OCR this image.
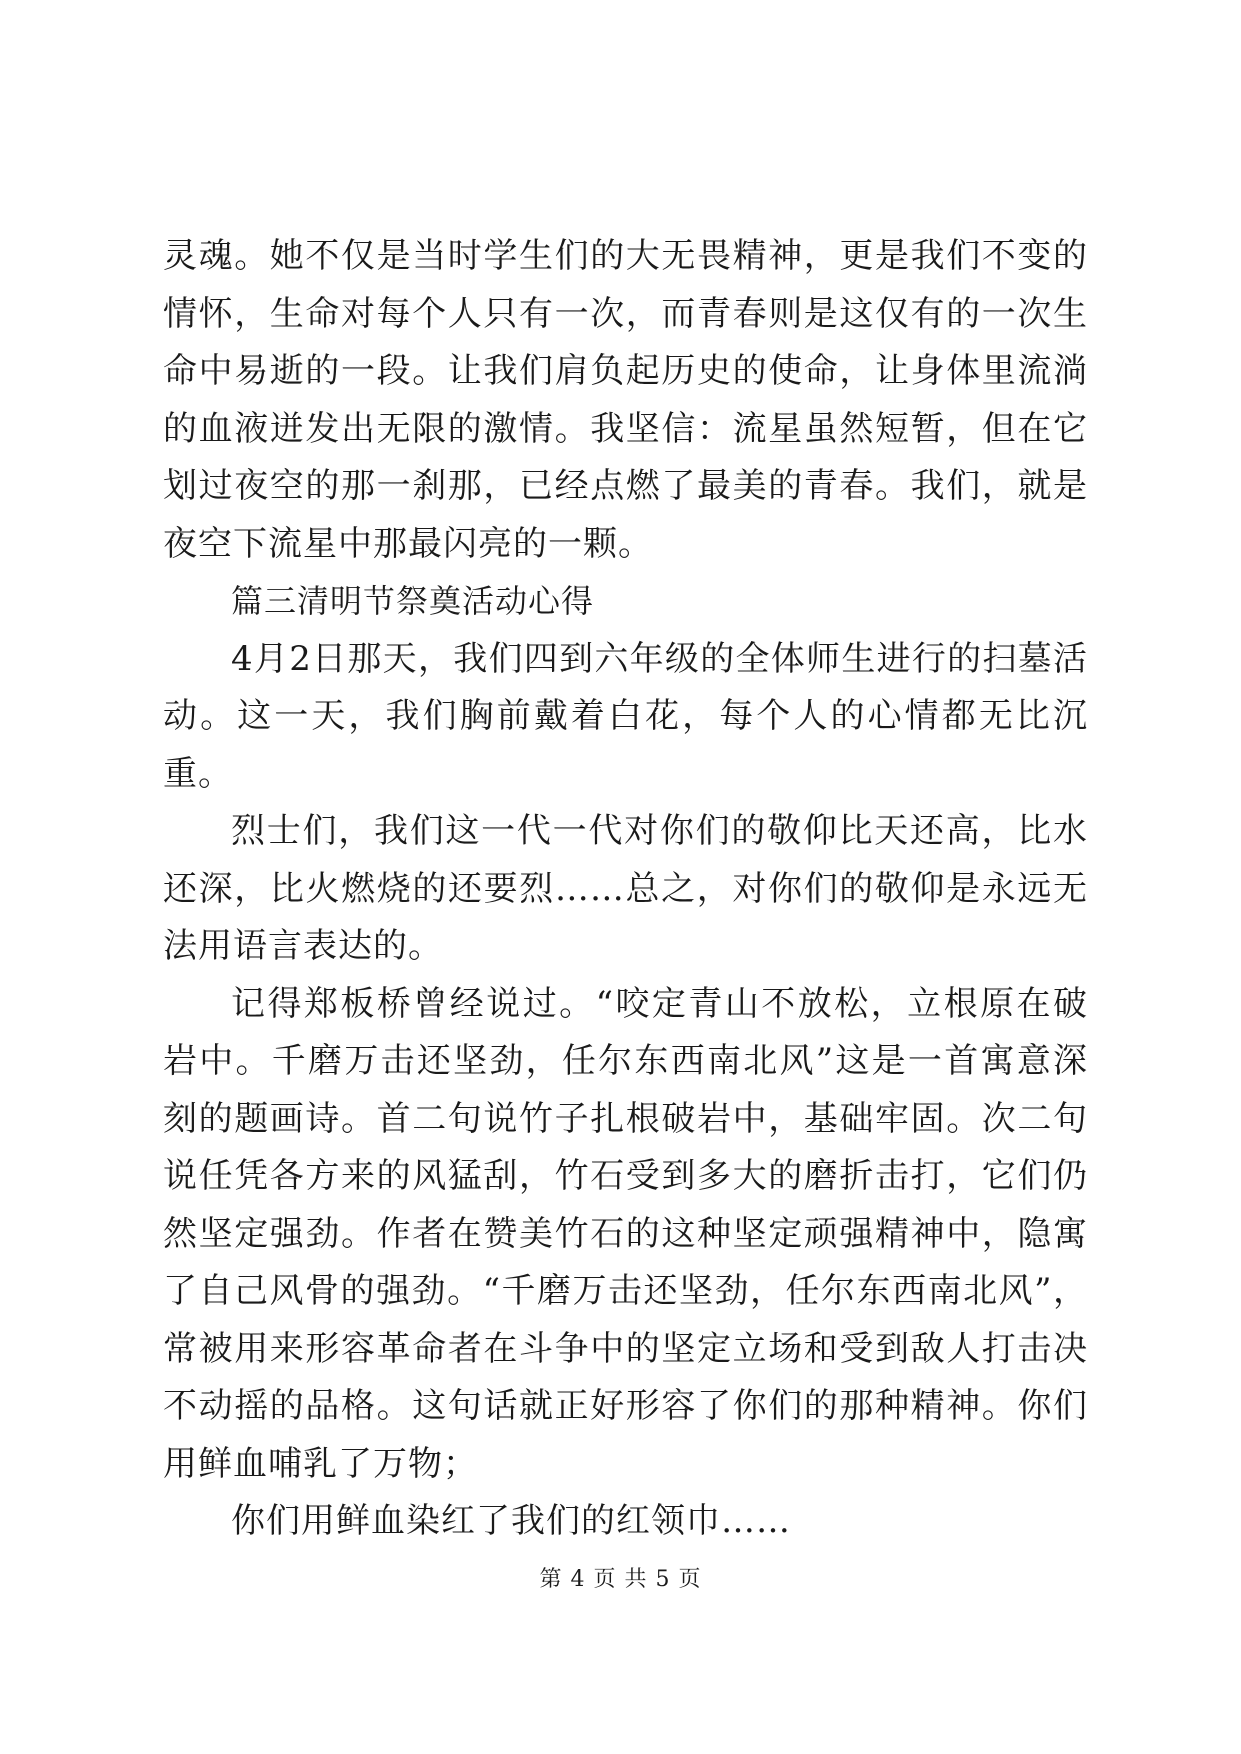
灵魂。她不仅是当时学生们的大无畏精神，更是我们不变的情怀，生命对每个人只有一次，而青春则是这仅有的一次生命中易逝的一段。让我们肩负起历史的使命，让身体里流淌的血液迸发出无限的激情。我坚信：流星虽然短暂，但在它划过夜空的那一刹那，已经点燃了最美的青春。我们，就是夜空下流星中那最闪亮的一颗。

篇三清明节祭奠活动心得

4月2日那天，我们四到六年级的全体师生进行的扫墓活动。这一天，我们胸前戴着白花，每个人的心情都无比沉重。

烈士们，我们这一代一代对你们的敬仰比天还高，比水还深，比火燃烧的还要烈……总之，对你们的敬仰是永远无法用语言表达的。

记得郑板桥曾经说过。“咬定青山不放松，立根原在破岩中。千磨万击还坚劲，任尔东西南北风”这是一首寓意深刻的题画诗。首二句说竹子扎根破岩中，基础牢固。次二句说任凭各方来的风猛刮，竹石受到多大的磨折击打，它们仍然坚定强劲。作者在赞美竹石的这种坚定顽强精神中，隐寓了自己风骨的强劲。“千磨万击还坚劲，任尔东西南北风”，常被用来形容革命者在斗争中的坚定立场和受到敌人打击决不动摇的品格。这句话就正好形容了你们的那种精神。你们用鲜血哺乳了万物；

你们用鲜血染红了我们的红领巾……

第 4 页 共 5 页
